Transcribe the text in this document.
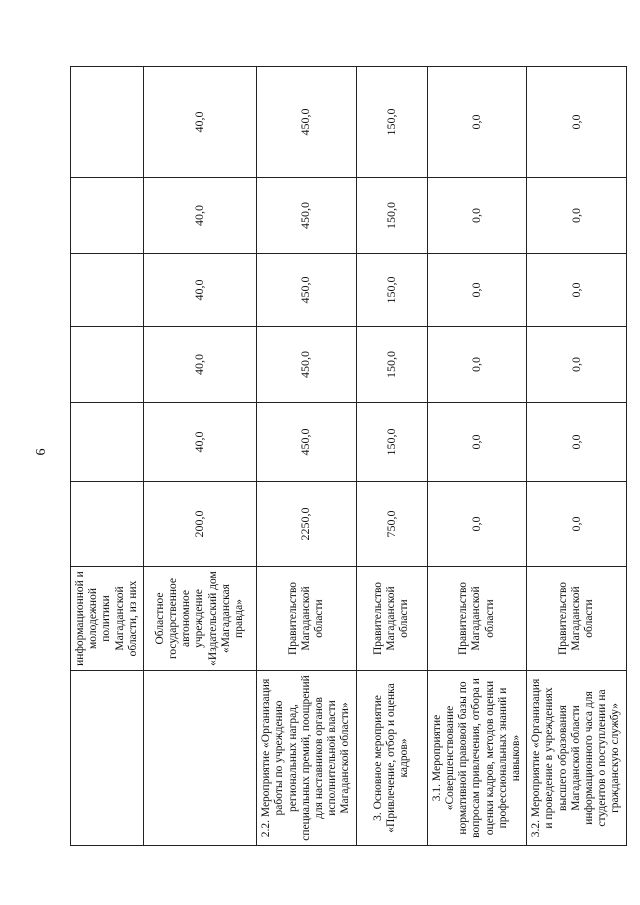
6
	информационной и молодежной политики Магаданской области, из них						
	Областное государственное автономное учреждение «Издательский дом «Магаданская правда»	200,0	40,0	40,0	40,0	40,0	40,0
2.2. Мероприятие «Организация работы по учреждению региональных наград, специальных премий, поощрений для наставников органов исполнительной власти Магаданской области»	Правительство Магаданской области	2250,0	450,0	450,0	450,0	450,0	450,0
3. Основное мероприятие «Привлечение, отбор и оценка кадров»	Правительство Магаданской области	750,0	150,0	150,0	150,0	150,0	150,0
3.1. Мероприятие «Совершенствование нормативной правовой базы по вопросам привлечения, отбора и оценки кадров, методов оценки профессиональных знаний и навыков»	Правительство Магаданской области	0,0	0,0	0,0	0,0	0,0	0,0
3.2. Мероприятие «Организация и проведение в учреждениях высшего образования Магаданской области информационного часа для студентов о поступлении на гражданскую службу»	Правительство Магаданской области	0,0	0,0	0,0	0,0	0,0	0,0
